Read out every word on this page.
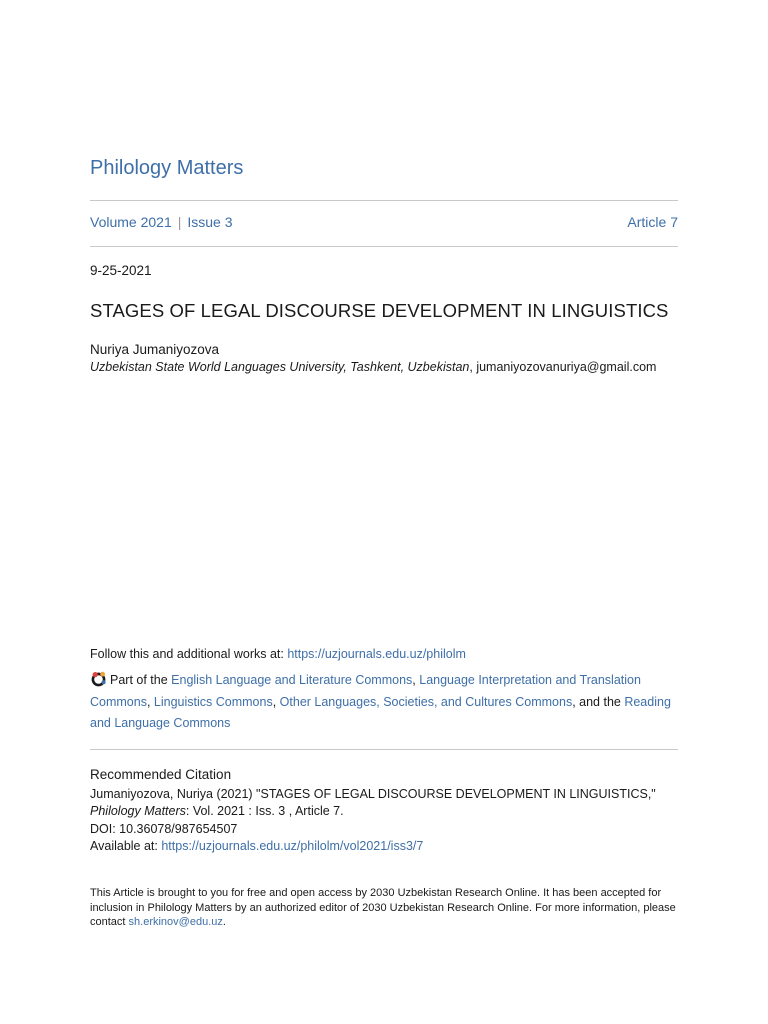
Philology Matters
Volume 2021 | Issue 3	Article 7
9-25-2021
STAGES OF LEGAL DISCOURSE DEVELOPMENT IN LINGUISTICS
Nuriya Jumaniyozova
Uzbekistan State World Languages University, Tashkent, Uzbekistan, jumaniyozovanuriya@gmail.com
Follow this and additional works at: https://uzjournals.edu.uz/philolm
Part of the English Language and Literature Commons, Language Interpretation and Translation Commons, Linguistics Commons, Other Languages, Societies, and Cultures Commons, and the Reading and Language Commons
Recommended Citation
Jumaniyozova, Nuriya (2021) "STAGES OF LEGAL DISCOURSE DEVELOPMENT IN LINGUISTICS," Philology Matters: Vol. 2021 : Iss. 3 , Article 7.
DOI: 10.36078/987654507
Available at: https://uzjournals.edu.uz/philolm/vol2021/iss3/7
This Article is brought to you for free and open access by 2030 Uzbekistan Research Online. It has been accepted for inclusion in Philology Matters by an authorized editor of 2030 Uzbekistan Research Online. For more information, please contact sh.erkinov@edu.uz.
